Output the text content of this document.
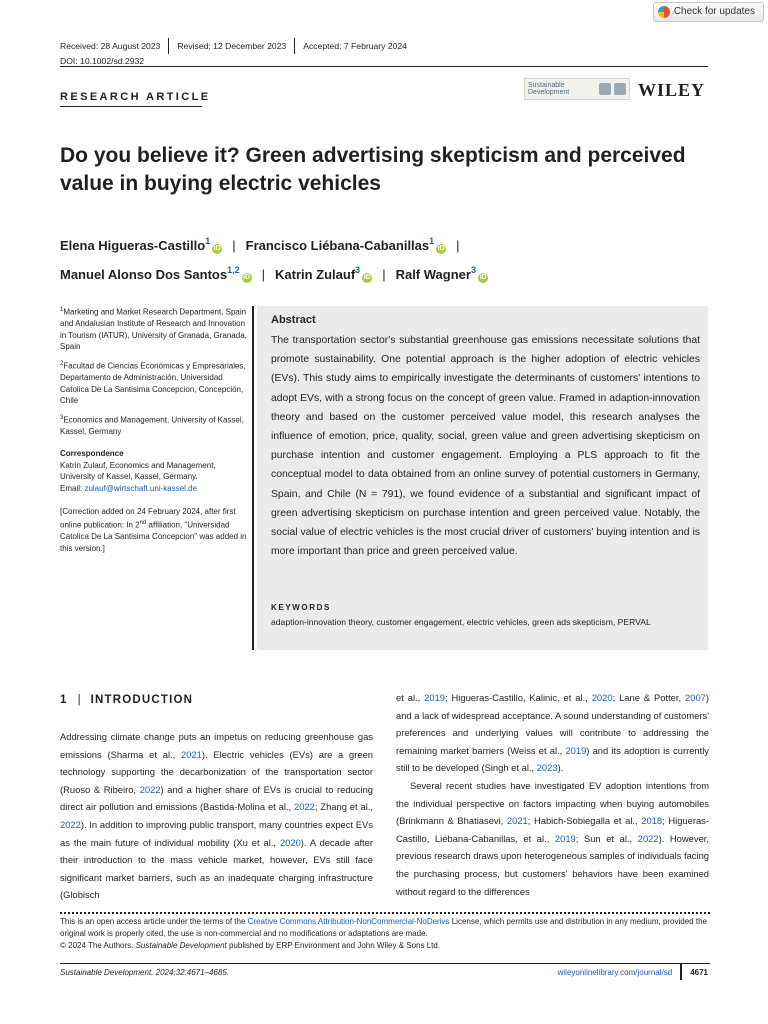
Check for updates
Received: 28 August 2023 Revised: 12 December 2023 Accepted: 7 February 2024
DOI: 10.1002/sd.2932
RESEARCH ARTICLE
Sustainable Development	WILEY
Do you believe it? Green advertising skepticism and perceived value in buying electric vehicles
Elena Higueras-Castillo$^1$iD | Francisco Liébana-Cabanillas$^1$iD |
Manuel Alonso Dos Santos$^{1,2}$iD | Katrin Zulauf$^3$iD | Ralf Wagner$^3$iD

$^1$Marketing and Market Research Department, Spain and Andalusian Institute of Research and Innovation in Tourism (IATUR), University of Granada, Granada, Spain

$^2$Facultad de Ciencias Económicas y Empresariales, Departamento de Administración, Universidad Catolica De La Santisima Concepcion, Concepción, Chile

$^3$Economics and Management, University of Kassel, Kassel, Germany

Correspondence

Katrin Zulauf, Economics and Management, University of Kassel, Kassel, Germany.
Email: zulauf@wirtschaft.uni-kassel.de

[Correction added on 24 February 2024, after first online publication: In 2nd affiliation, "Universidad Catolica De La Santisima Concepcion" was added in this version.]

Abstract
The transportation sector's substantial greenhouse gas emissions necessitate solutions that promote sustainability. One potential approach is the higher adoption of electric vehicles (EVs). This study aims to empirically investigate the determinants of customers' intentions to adopt EVs, with a strong focus on the concept of green value. Framed in adaption-innovation theory and based on the customer perceived value model, this research analyses the influence of emotion, price, quality, social, green value and green advertising skepticism on purchase intention and customer engagement. Employing a PLS approach to fit the conceptual model to data obtained from an online survey of potential customers in Germany, Spain, and Chile (N = 791), we found evidence of a substantial and significant impact of green advertising skepticism on purchase intention and green perceived value. Notably, the social value of electric vehicles is the most crucial driver of customers' buying intention and is more important than price and green perceived value.
KEYWORDS
adaption-innovation theory, customer engagement, electric vehicles, green ads skepticism, PERVAL
1 | INTRODUCTION

Addressing climate change puts an impetus on reducing greenhouse gas emissions (Sharma et al., 2021). Electric vehicles (EVs) are a green technology supporting the decarbonization of the transportation sector (Ruoso & Ribeiro, 2022) and a higher share of EVs is crucial to reducing direct air pollution and emissions (Bastida-Molina et al., 2022; Zhang et al., 2022). In addition to improving public transport, many countries expect EVs as the main future of individual mobility (Xu et al., 2020). A decade after their introduction to the mass vehicle market, however, EVs still face significant market barriers, such as an inadequate charging infrastructure (Globisch

et al., 2019; Higueras-Castillo, Kalinic, et al., 2020; Lane & Potter, 2007) and a lack of widespread acceptance. A sound understanding of customers' preferences and underlying values will contribute to addressing the remaining market barriers (Weiss et al., 2019) and its adoption is currently still to be developed (Singh et al., 2023).

Several recent studies have investigated EV adoption intentions from the individual perspective on factors impacting when buying automobiles (Brinkmann & Bhatiasevi, 2021; Habich-Sobiegalla et al., 2018; Higueras-Castillo, Liébana-Cabanillas, et al., 2019; Sun et al., 2022). However, previous research draws upon heterogeneous samples of individuals facing the purchasing process, but customers' behaviors have been examined without regard to the differences

This is an open access article under the terms of the Creative Commons Attribution-NonCommercial-NoDerivs License, which permits use and distribution in any medium, provided the original work is properly cited, the use is non-commercial and no modifications or adaptations are made.

© 2024 The Authors. Sustainable Development published by ERP Environment and John Wiley & Sons Ltd.

Sustainable Development. 2024;32:4671–4685.	wileyonlinelibrary.com/journal/sd 4671
